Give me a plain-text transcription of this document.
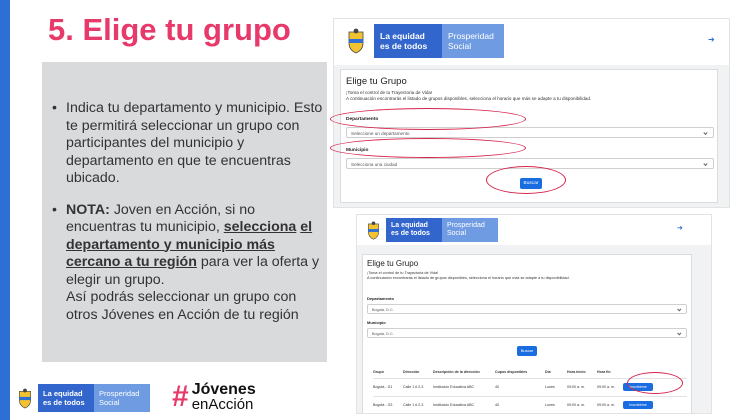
5. Elige tu grupo
• Indica tu departamento y municipio. Esto te permitirá seleccionar un grupo con participantes del municipio y departamento en que te encuentras ubicado.
• NOTA: Joven en Acción, si no encuentras tu municipio, selecciona el departamento y municipio más cercano a tu región para ver la oferta y elegir un grupo.
Así podrás seleccionar un grupo con otros Jóvenes en Acción de tu región
La equidad
es de todos
Prosperidad
Social
➜
Elige tu Grupo
¡Toma el control de tu Trayectoria de Vida!
A continuación encontrarás el listado de grupos disponibles, selecciona el horario que más se adapte a tu disponibilidad.
Departamento
Seleccione un departamento
Municipio
Selecciona una ciudad
Buscar
La equidad
es de todos
Prosperidad
Social
➜
Elige tu Grupo
¡Toma el control de tu Trayectoria de Vida!
A continuación encontrarás el listado de grupos disponibles, selecciona el horario que más se adapte a tu disponibilidad.
Departamento
Bogotá, D.C.
Municipio
Bogotá, D.C.
Buscar
Grupo	Dirección	Descripción de la dirección	Cupos disponibles	Día	Hora inicio	Hora fin	
Bogotá - G1	Calle 1 # 2-3	Institución Educativa ABC	40	Lunes	09:00 a. m.	09:00 a. m.	Inscribirme

Bogotá - G3	Calle 1 # 2-3	Institución Educativa ABC	40	Lunes	09:00 a. m.	09:00 a. m.	Inscribirme
La equidad
es de todos
Prosperidad
Social	# Jóvenes
enAcción
